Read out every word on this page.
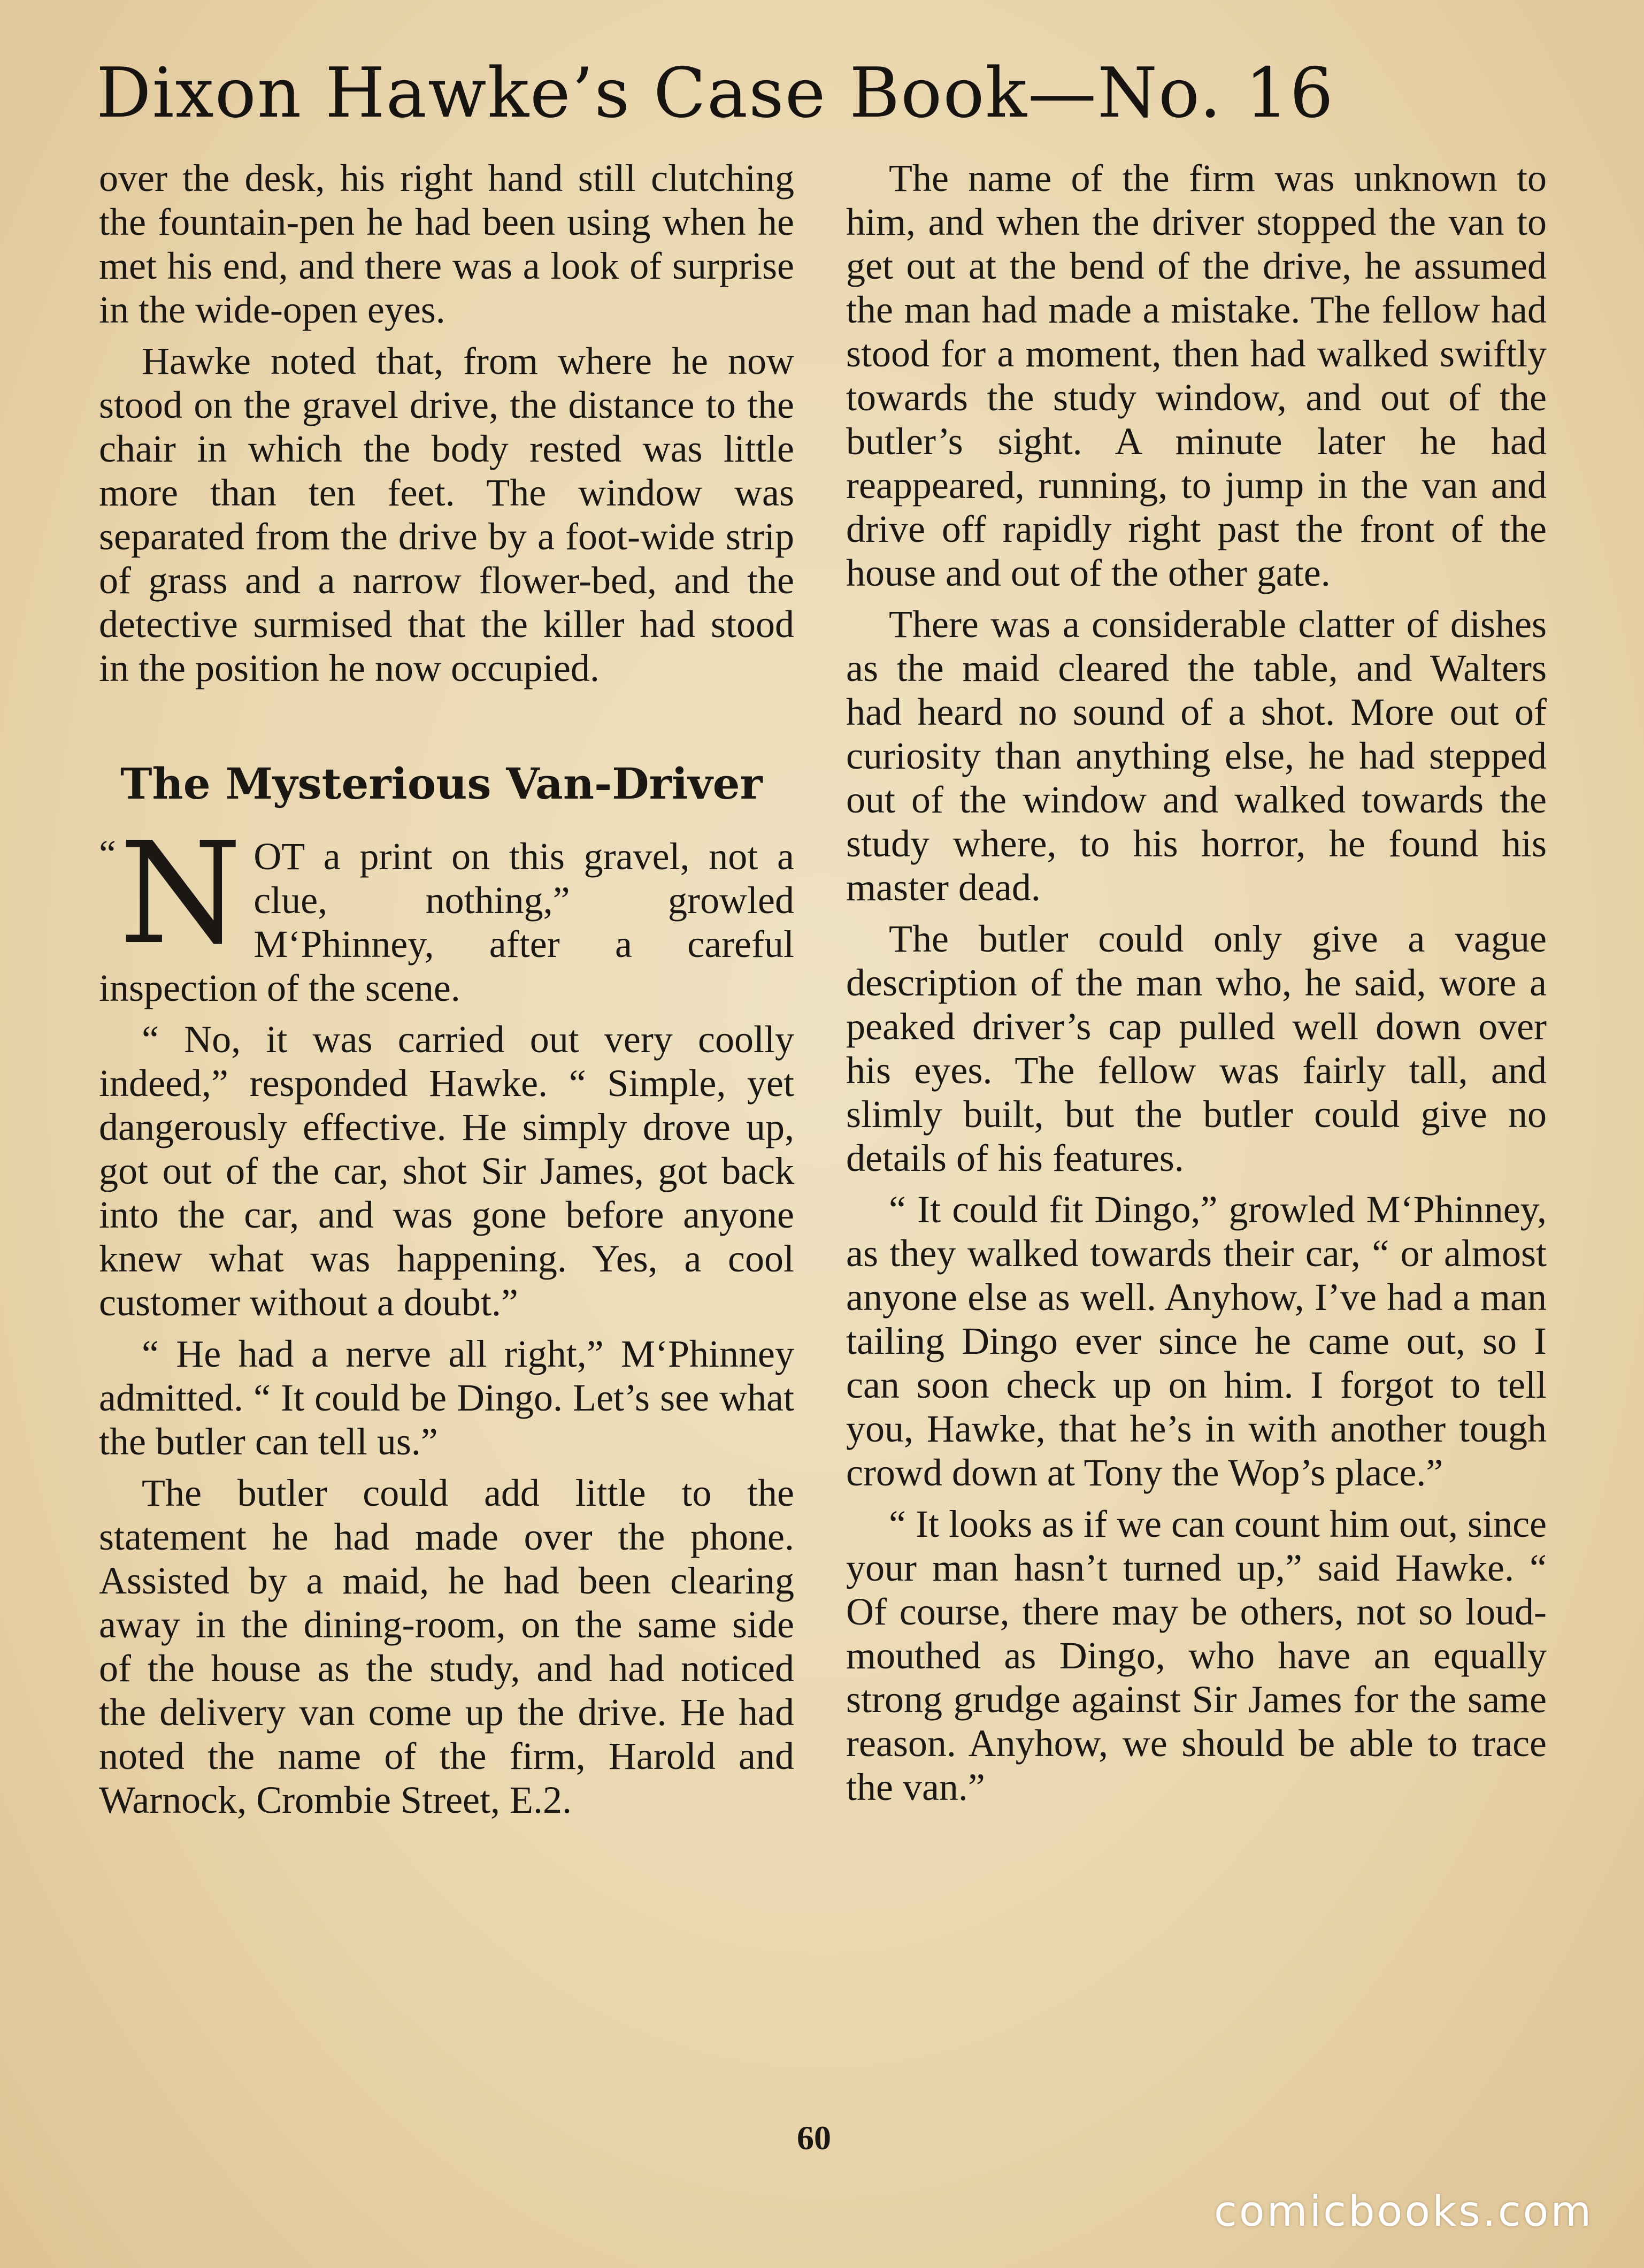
Dixon Hawke’s Case Book—No. 16

over the desk, his right hand still clutching the fountain-pen he had been using when he met his end, and there was a look of surprise in the wide-open eyes.

Hawke noted that, from where he now stood on the gravel drive, the distance to the chair in which the body rested was little more than ten feet. The window was separated from the drive by a foot-wide strip of grass and a narrow flower-bed, and the detective surmised that the killer had stood in the position he now occupied.

The Mysterious Van-Driver

“ N OT a print on this gravel, not a clue, nothing,” growled M‘Phinney, after a careful inspection of the scene.

“ No, it was carried out very coolly indeed,” responded Hawke. “ Simple, yet dangerously effective. He simply drove up, got out of the car, shot Sir James, got back into the car, and was gone before anyone knew what was happening. Yes, a cool customer without a doubt.”

“ He had a nerve all right,” M‘Phinney admitted. “ It could be Dingo. Let’s see what the butler can tell us.”

The butler could add little to the statement he had made over the phone. Assisted by a maid, he had been clearing away in the dining-room, on the same side of the house as the study, and had noticed the delivery van come up the drive. He had noted the name of the firm, Harold and Warnock, Crombie Street, E.2.

The name of the firm was unknown to him, and when the driver stopped the van to get out at the bend of the drive, he assumed the man had made a mistake. The fellow had stood for a moment, then had walked swiftly towards the study window, and out of the butler’s sight. A minute later he had reappeared, running, to jump in the van and drive off rapidly right past the front of the house and out of the other gate.

There was a considerable clatter of dishes as the maid cleared the table, and Walters had heard no sound of a shot. More out of curiosity than anything else, he had stepped out of the window and walked towards the study where, to his horror, he found his master dead.

The butler could only give a vague description of the man who, he said, wore a peaked driver’s cap pulled well down over his eyes. The fellow was fairly tall, and slimly built, but the butler could give no details of his features.

“ It could fit Dingo,” growled M‘Phinney, as they walked towards their car, “ or almost anyone else as well. Anyhow, I’ve had a man tailing Dingo ever since he came out, so I can soon check up on him. I forgot to tell you, Hawke, that he’s in with another tough crowd down at Tony the Wop’s place.”

“ It looks as if we can count him out, since your man hasn’t turned up,” said Hawke. “ Of course, there may be others, not so loud-mouthed as Dingo, who have an equally strong grudge against Sir James for the same reason. Anyhow, we should be able to trace the van.”

60
comicbooks.com
